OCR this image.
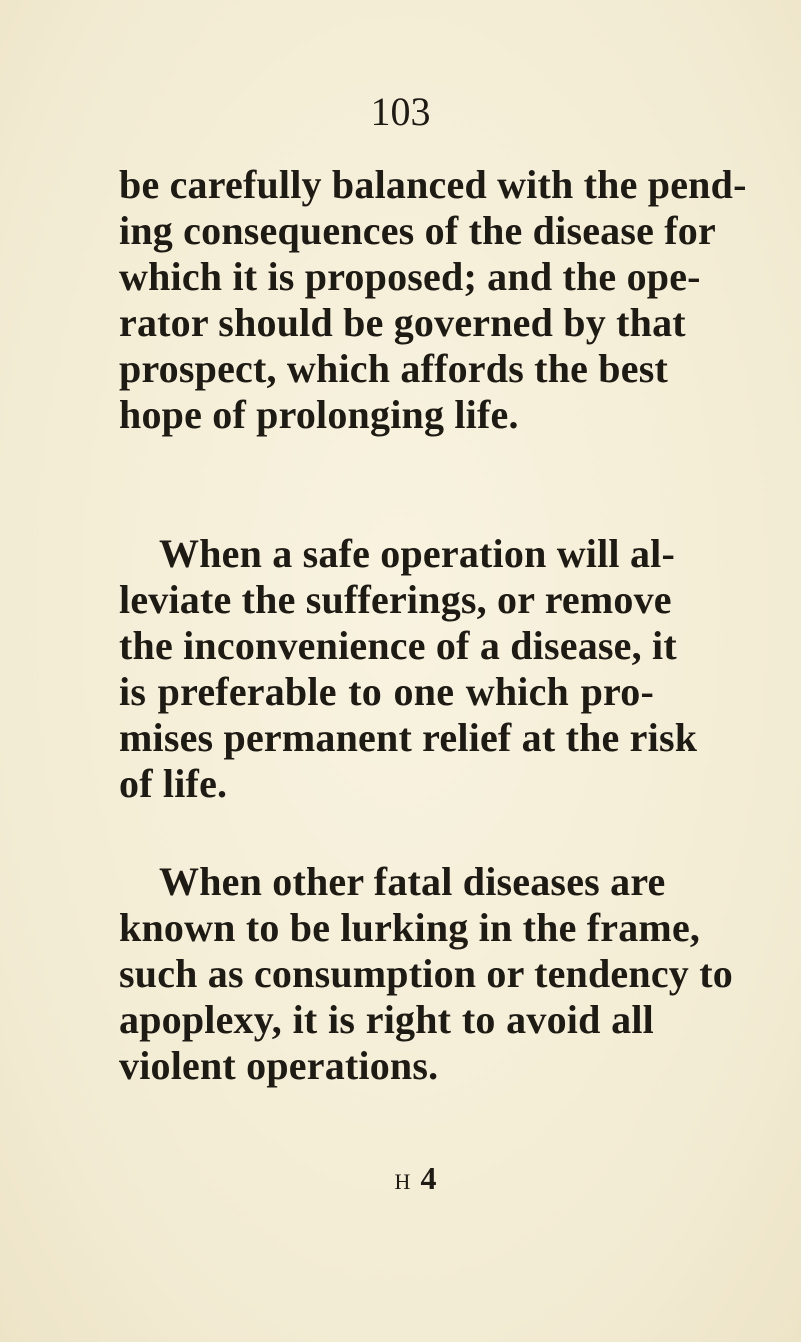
103
be carefully balanced with the pend-
ing consequences of the disease for
which it is proposed; and the ope-
rator should be governed by that
prospect, which affords the best
hope of prolonging life.
When a safe operation will al-
leviate the sufferings, or remove
the inconvenience of a disease, it
is preferable to one which pro-
mises permanent relief at the risk
of life.
When other fatal diseases are
known to be lurking in the frame,
such as consumption or tendency to
apoplexy, it is right to avoid all
violent operations.
H 4
